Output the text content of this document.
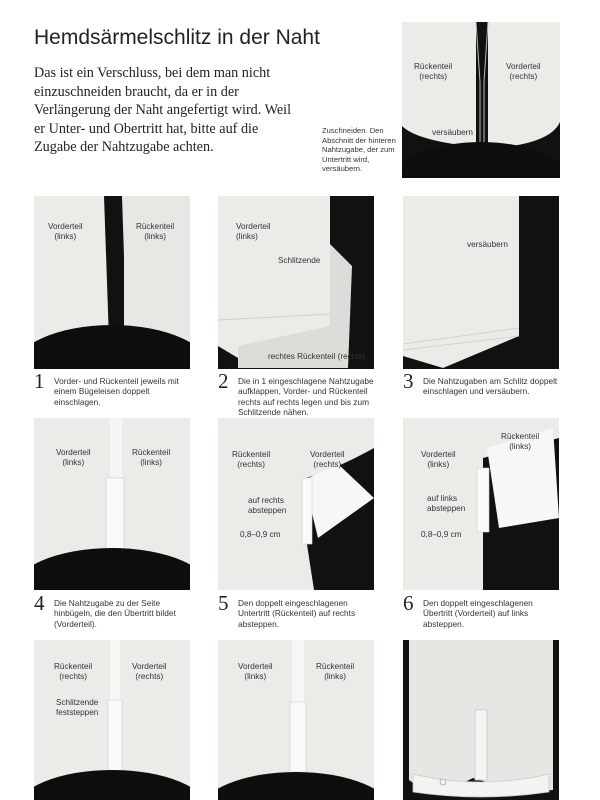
Hemdsärmelschlitz in der Naht

Das ist ein Verschluss, bei dem man nicht einzuschneiden braucht, da er in der Verlängerung der Naht angefertigt wird. Weil er Unter- und Obertritt hat, bitte auf die Zugabe der Nahtzugabe achten.

Zuschneiden. Den Abschnitt der hinteren Nahtzugabe, der zum Untertritt wird, versäubern.

Rückenteil
(rechts)
Vorderteil
(rechts)
versäubern
Vorderteil
(links)
Rückenteil
(links)
Vorderteil
(links)
Schlitzende
rechtes Rückenteil (rechts)
versäubern
1 Vorder- und Rückenteil jeweils mit einem Bügeleisen doppelt einschlagen.
2 Die in 1 eingeschlagene Nahtzugabe aufklappen, Vorder- und Rückenteil rechts auf rechts legen und bis zum Schlitzende nähen.
3 Die Nahtzugaben am Schlitz doppelt einschlagen und versäubern.
Vorderteil
(links)
Rückenteil
(links)
Rückenteil
(rechts)
Vorderteil
(rechts)
auf rechts
absteppen
0,8–0,9 cm
Vorderteil
(links)
Rückenteil
(links)
auf links
absteppen
0,8–0,9 cm
4 Die Nahtzugabe zu der Seite hinbügeln, die den Übertritt bildet (Vorderteil).
5 Den doppelt eingeschlagenen Untertritt (Rückenteil) auf rechts absteppen.
6 Den doppelt eingeschlagenen Übertritt (Vorderteil) auf links absteppen.
Rückenteil
(rechts)
Vorderteil
(rechts)
Schlitzende
feststeppen
Vorderteil
(links)
Rückenteil
(links)
